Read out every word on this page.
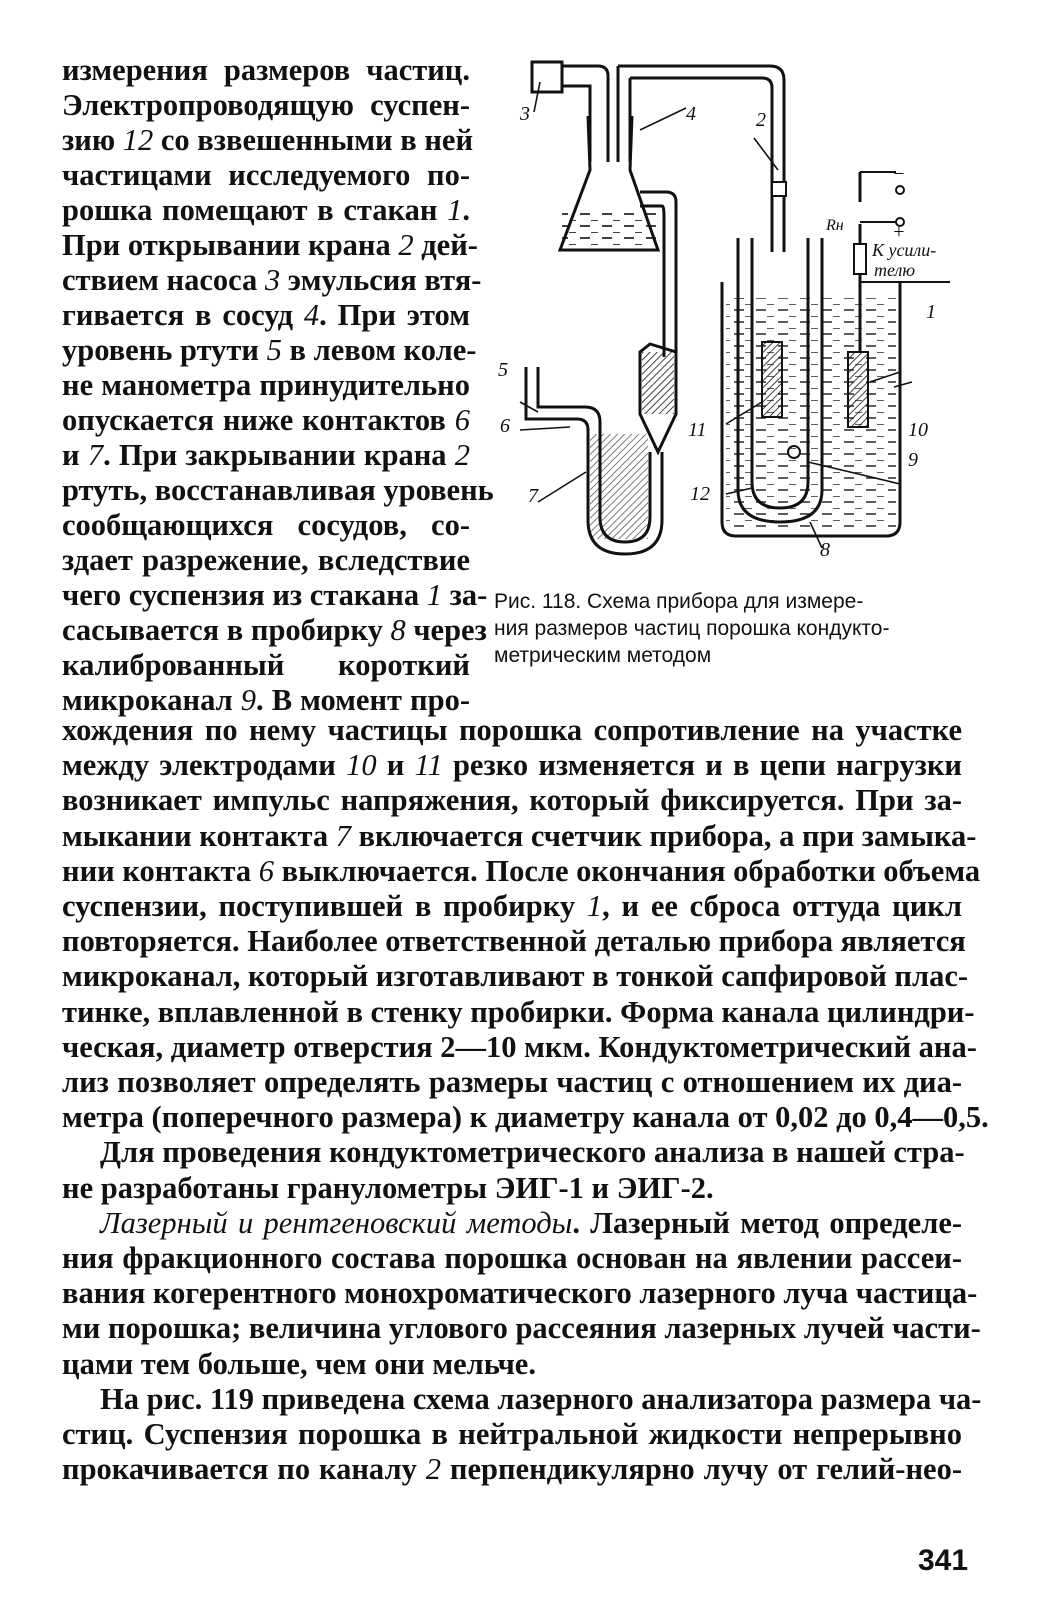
измерения размеров частиц.

Электропроводящую суспен-

зию 12 со взвешенными в ней

частицами исследуемого по-

рошка помещают в стакан 1.

При открывании крана 2 дей-

ствием насоса 3 эмульсия втя-

гивается в сосуд 4. При этом

уровень ртути 5 в левом коле-

не манометра принудительно

опускается ниже контактов 6

и 7. При закрывании крана 2

ртуть, восстанавливая уровень

сообщающихся сосудов, со-

здает разрежение, вследствие

чего суспензия из стакана 1 за-

сасывается в пробирку 8 через

калиброванный короткий

микроканал 9. В момент про-

хождения по нему частицы порошка сопротивление на участке

между электродами 10 и 11 резко изменяется и в цепи нагрузки

возникает импульс напряжения, который фиксируется. При за-

мыкании контакта 7 включается счетчик прибора, а при замыка-

нии контакта 6 выключается. После окончания обработки объема

суспензии, поступившей в пробирку 1, и ее сброса оттуда цикл

повторяется. Наиболее ответственной деталью прибора является

микроканал, который изготавливают в тонкой сапфировой плас-

тинке, вплавленной в стенку пробирки. Форма канала цилиндри-

ческая, диаметр отверстия 2—10 мкм. Кондуктометрический ана-

лиз позволяет определять размеры частиц с отношением их диа-

метра (поперечного размера) к диаметру канала от 0,02 до 0,4—0,5.

Для проведения кондуктометрического анализа в нашей стра-

не разработаны гранулометры ЭИГ-1 и ЭИГ-2.

Лазерный и рентгеновский методы. Лазерный метод определе-

ния фракционного состава порошка основан на явлении рассеи-

вания когерентного монохроматического лазерного луча частица-

ми порошка; величина углового рассеяния лазерных лучей части-

цами тем больше, чем они мельче.

На рис. 119 приведена схема лазерного анализатора размера ча-

стиц. Суспензия порошка в нейтральной жидкости непрерывно

прокачивается по каналу 2 перпендикулярно лучу от гелий-нео-

3	4	2
−
+
Rн
К усили-
телю
1
5
6
7
11	10
9
12
8
Рис. 118. Схема прибора для измере-
ния размеров частиц порошка кондукто-
метрическим методом
341
